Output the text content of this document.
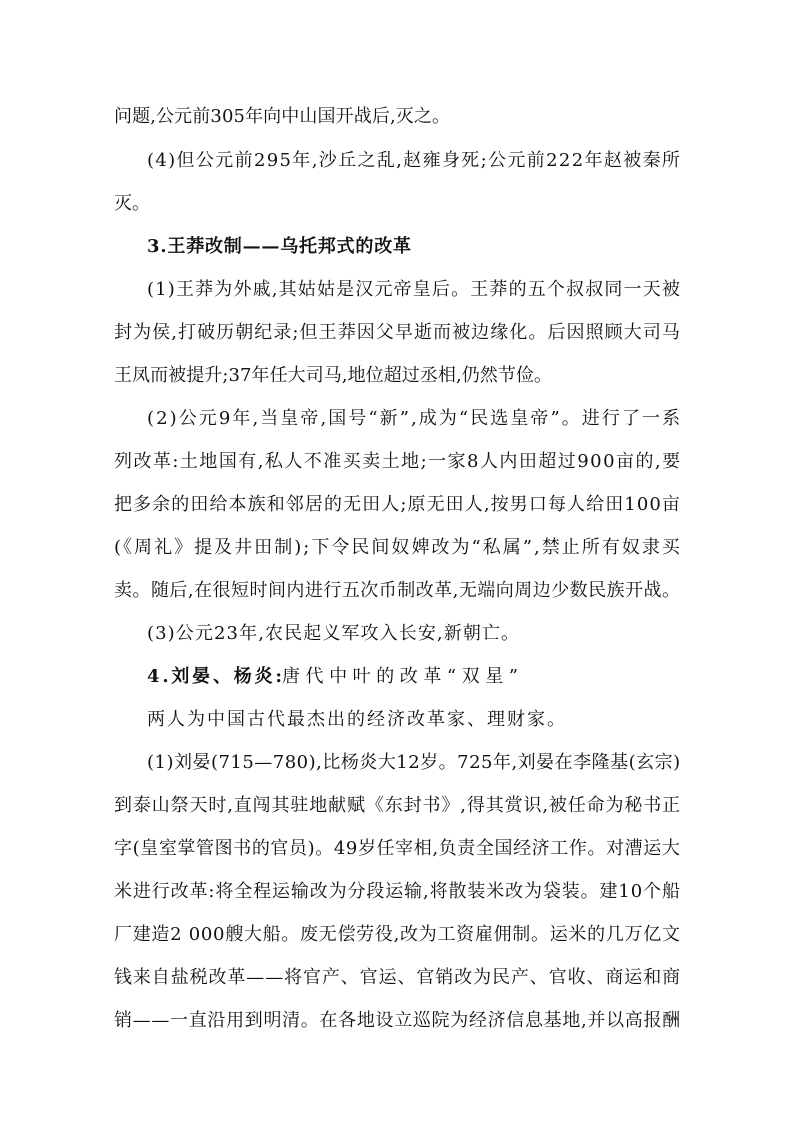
问题,公元前305年向中山国开战后,灭之。
(4)但公元前295年,沙丘之乱,赵雍身死;公元前222年赵被秦所
灭。
3.王莽改制——乌托邦式的改革
(1)王莽为外戚,其姑姑是汉元帝皇后。王莽的五个叔叔同一天被
封为侯,打破历朝纪录;但王莽因父早逝而被边缘化。后因照顾大司马
王凤而被提升;37年任大司马,地位超过丞相,仍然节俭。
(2)公元9年,当皇帝,国号“新”,成为“民选皇帝”。进行了一系
列改革:土地国有,私人不准买卖土地;一家8人内田超过900亩的,要
把多余的田给本族和邻居的无田人;原无田人,按男口每人给田100亩
(《周礼》提及井田制);下令民间奴婢改为“私属”,禁止所有奴隶买
卖。随后,在很短时间内进行五次币制改革,无端向周边少数民族开战。
(3)公元23年,农民起义军攻入长安,新朝亡。
4.刘晏、杨炎:
唐代中叶的改革“双星”
两人为中国古代最杰出的经济改革家、理财家。
(1)刘晏(715—780),比杨炎大12岁。725年,刘晏在李隆基(玄宗)
到泰山祭天时,直闯其驻地献赋《东封书》,得其赏识,被任命为秘书正
字(皇室掌管图书的官员)。49岁任宰相,负责全国经济工作。对漕运大
米进行改革:将全程运输改为分段运输,将散装米改为袋装。建10个船
厂建造2 000艘大船。废无偿劳役,改为工资雇佣制。运米的几万亿文
钱来自盐税改革——将官产、官运、官销改为民产、官收、商运和商
销——一直沿用到明清。在各地设立巡院为经济信息基地,并以高报酬
